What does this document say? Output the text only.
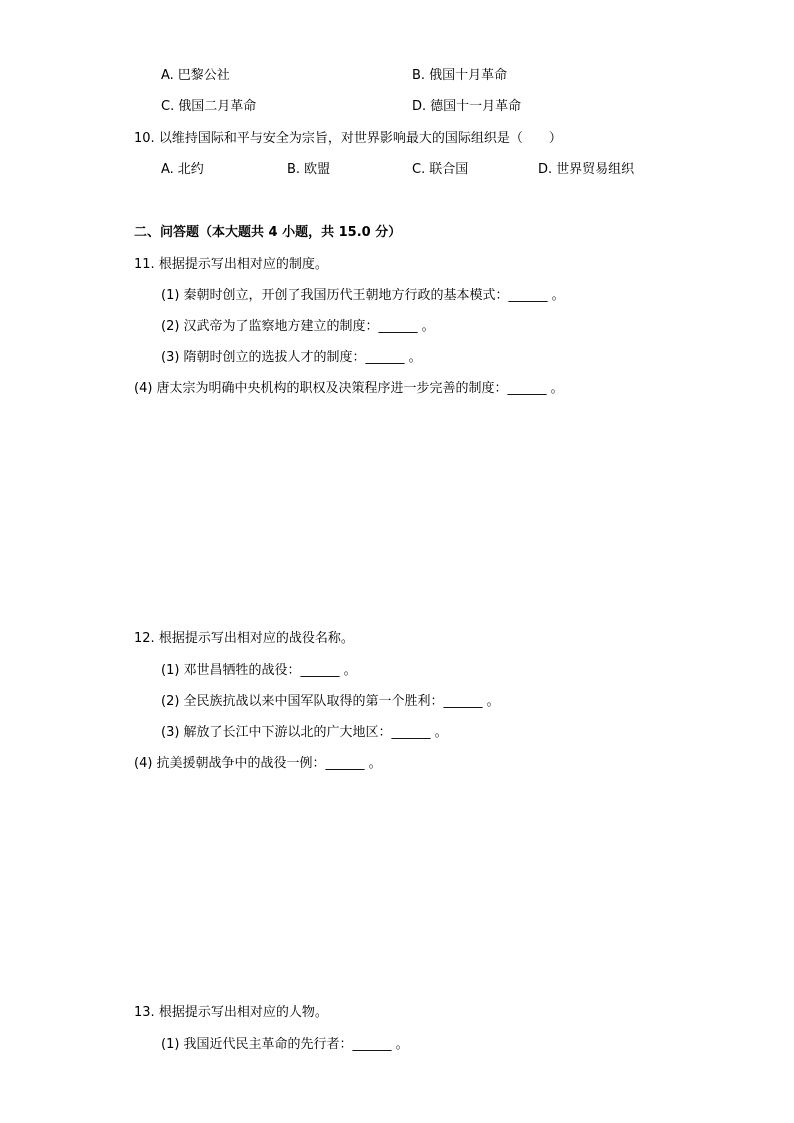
A. 巴黎公社	B. 俄国十月革命
C. 俄国二月革命	D. 德国十一月革命
10. 以维持国际和平与安全为宗旨，对世界影响最大的国际组织是（　　）
A. 北约	B. 欧盟	C. 联合国	D. 世界贸易组织
二、问答题（本大题共 4 小题，共 15.0 分）
11. 根据提示写出相对应的制度。
(1) 秦朝时创立，开创了我国历代王朝地方行政的基本模式：______ 。
(2) 汉武帝为了监察地方建立的制度：______ 。
(3) 隋朝时创立的选拔人才的制度：______ 。
(4) 唐太宗为明确中央机构的职权及决策程序进一步完善的制度：______ 。
12. 根据提示写出相对应的战役名称。
(1) 邓世昌牺牲的战役：______ 。
(2) 全民族抗战以来中国军队取得的第一个胜利：______ 。
(3) 解放了长江中下游以北的广大地区：______ 。
(4) 抗美援朝战争中的战役一例：______ 。
13. 根据提示写出相对应的人物。
(1) 我国近代民主革命的先行者：______ 。
